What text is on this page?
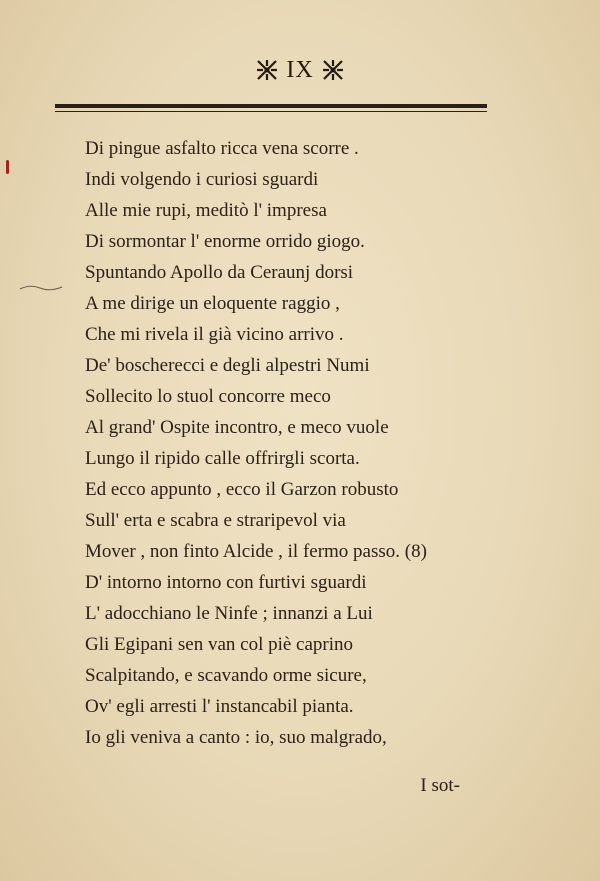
IX
Di pingue asfalto ricca vena scorre .
Indi volgendo i curiosi sguardi
Alle mie rupi, meditò l' impresa
Di sormontar l' enorme orrido giogo.
Spuntando Apollo da Ceraunj dorsi
A me dirige un eloquente raggio ,
Che mi rivela il già vicino arrivo .
De' boscherecci e degli alpestri Numi
Sollecito lo stuol concorre meco
Al grand' Ospite incontro, e meco vuole
Lungo il ripido calle offrirgli scorta.
Ed ecco appunto , ecco il Garzon robusto
Sull' erta e scabra e straripevol via
Mover , non finto Alcide , il fermo passo. (8)
D' intorno intorno con furtivi sguardi
L' adocchiano le Ninfe ; innanzi a Lui
Gli Egipani sen van col piè caprino
Scalpitando, e scavando orme sicure,
Ov' egli arresti l' instancabil pianta.
Io gli veniva a canto : io, suo malgrado,
I sot-
